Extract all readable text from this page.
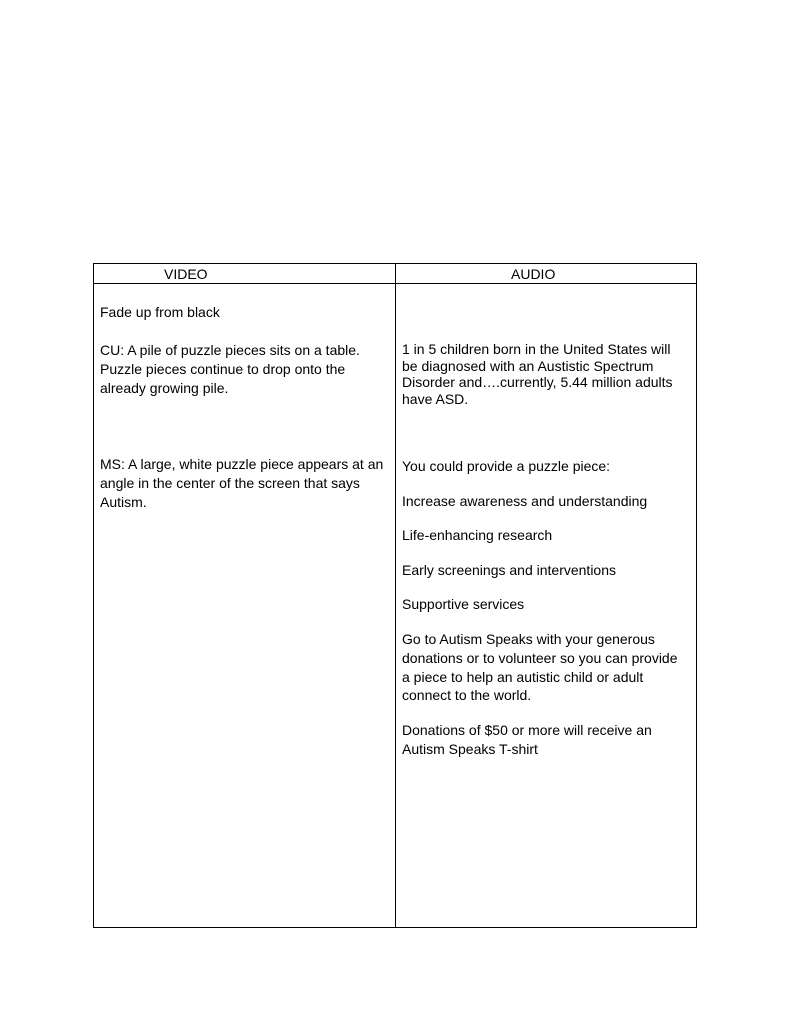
VIDEO	AUDIO
Fade up from black
CU: A pile of puzzle pieces sits on a table.
Puzzle pieces continue to drop onto the
already growing pile.
MS: A large, white puzzle piece appears at an
angle in the center of the screen that says
Autism.
1 in 5 children born in the United States will
be diagnosed with an Austistic Spectrum
Disorder and….currently, 5.44 million adults
have ASD.
You could provide a puzzle piece:
Increase awareness and understanding
Life-enhancing research
Early screenings and interventions
Supportive services
Go to Autism Speaks with your generous
donations or to volunteer so you can provide
a piece to help an autistic child or adult
connect to the world.
Donations of $50 or more will receive an
Autism Speaks T-shirt
